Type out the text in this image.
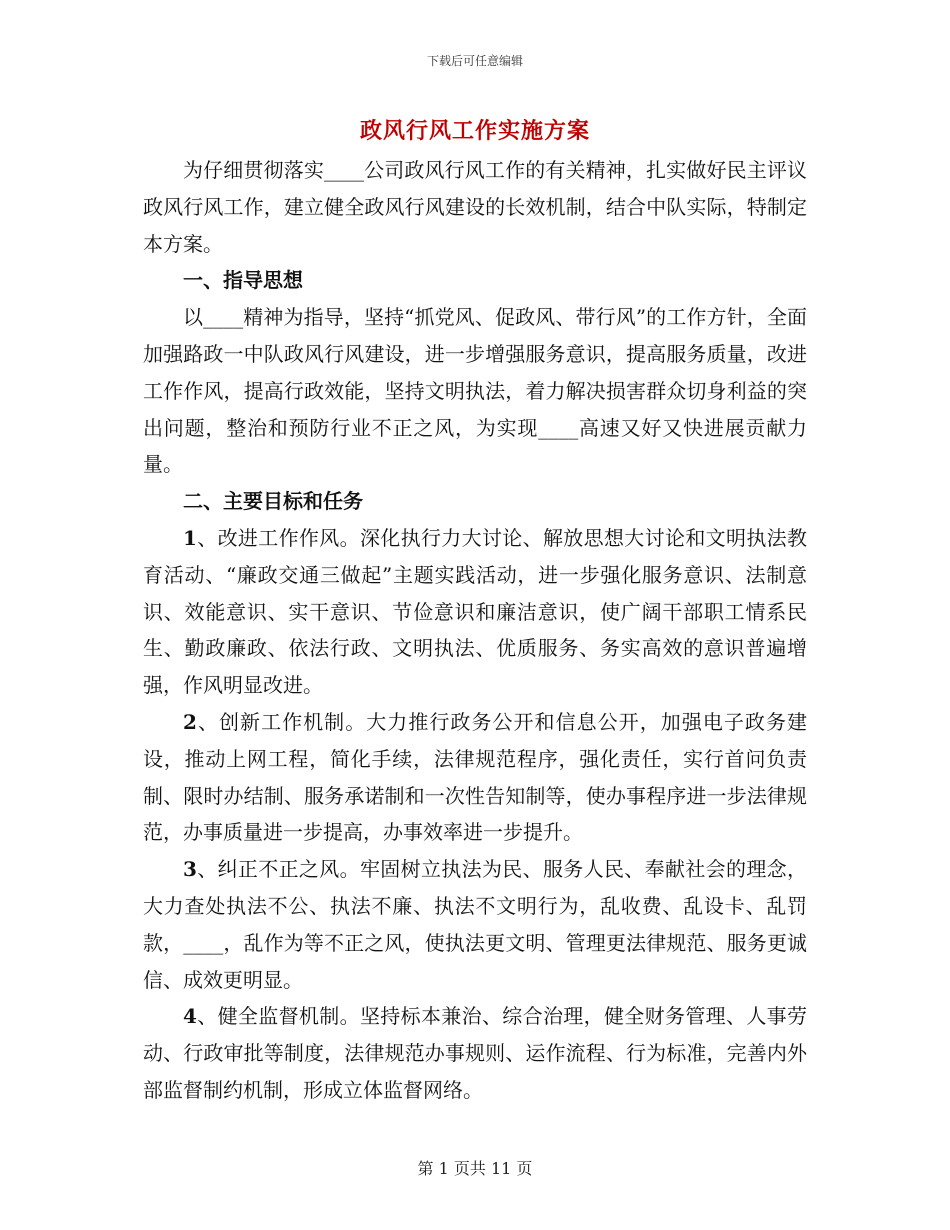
下载后可任意编辑
政风行风工作实施方案

为仔细贯彻落实____公司政风行风工作的有关精神，扎实做好民主评议政风行风工作，建立健全政风行风建设的长效机制，结合中队实际，特制定本方案。

一、指导思想

以____精神为指导，坚持“抓党风、促政风、带行风”的工作方针，全面加强路政一中队政风行风建设，进一步增强服务意识，提高服务质量，改进工作作风，提高行政效能，坚持文明执法，着力解决损害群众切身利益的突出问题，整治和预防行业不正之风，为实现____高速又好又快进展贡献力量。

二、主要目标和任务

1、改进工作作风。深化执行力大讨论、解放思想大讨论和文明执法教育活动、“廉政交通三做起”主题实践活动，进一步强化服务意识、法制意识、效能意识、实干意识、节俭意识和廉洁意识，使广阔干部职工情系民生、勤政廉政、依法行政、文明执法、优质服务、务实高效的意识普遍增强，作风明显改进。

2、创新工作机制。大力推行政务公开和信息公开，加强电子政务建设，推动上网工程，简化手续，法律规范程序，强化责任，实行首问负责制、限时办结制、服务承诺制和一次性告知制等，使办事程序进一步法律规范，办事质量进一步提高，办事效率进一步提升。

3、纠正不正之风。牢固树立执法为民、服务人民、奉献社会的理念，大力查处执法不公、执法不廉、执法不文明行为，乱收费、乱设卡、乱罚款，____，乱作为等不正之风，使执法更文明、管理更法律规范、服务更诚信、成效更明显。

4、健全监督机制。坚持标本兼治、综合治理，健全财务管理、人事劳动、行政审批等制度，法律规范办事规则、运作流程、行为标准，完善内外部监督制约机制，形成立体监督网络。

第 1 页共 11 页
